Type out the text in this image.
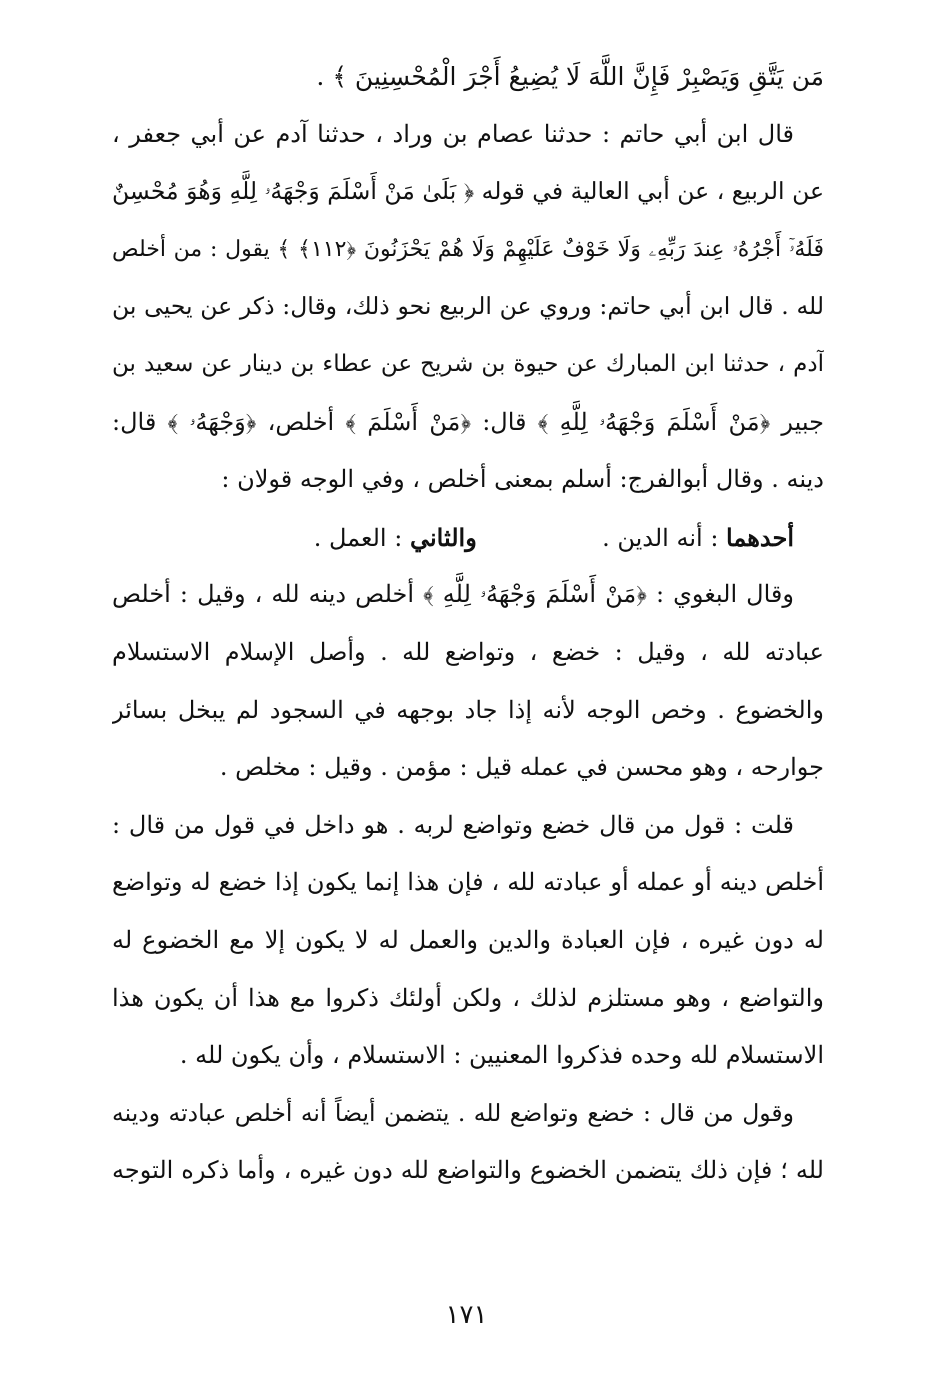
مَن يَتَّقِ وَيَصْبِرْ فَإِنَّ اللَّهَ لَا يُضِيعُ أَجْرَ الْمُحْسِنِينَ ﴾ .
قال ابن أبي حاتم : حدثنا عصام بن وراد ، حدثنا آدم عن أبي جعفر ،
عن الربيع ، عن أبي العالية في قوله ﴿ بَلَىٰ مَنْ أَسْلَمَ وَجْهَهُۥ لِلَّهِ وَهُوَ مُحْسِنٌ
فَلَهُۥٓ أَجْرُهُۥ عِندَ رَبِّهِۦ وَلَا خَوْفٌ عَلَيْهِمْ وَلَا هُمْ يَحْزَنُونَ ﴿١١٢﴾ ﴾ يقول : من أخلص
لله . قال ابن أبي حاتم: وروي عن الربيع نحو ذلك، وقال: ذكر عن يحيى بن
آدم ، حدثنا ابن المبارك عن حيوة بن شريح عن عطاء بن دينار عن سعيد بن
جبير ﴿مَنْ أَسْلَمَ وَجْهَهُۥ لِلَّهِ ﴾ قال: ﴿مَنْ أَسْلَمَ ﴾ أخلص، ﴿وَجْهَهُۥ ﴾ قال:
دينه . وقال أبوالفرج: أسلم بمعنى أخلص ، وفي الوجه قولان :
أحدهما : أنه الدين .  والثاني : العمل .
وقال البغوي : ﴿مَنْ أَسْلَمَ وَجْهَهُۥ لِلَّهِ ﴾ أخلص دينه لله ، وقيل : أخلص
عبادته لله ، وقيل : خضع ، وتواضع لله . وأصل الإسلام الاستسلام
والخضوع . وخص الوجه لأنه إذا جاد بوجهه في السجود لم يبخل بسائر
جوارحه ، وهو محسن في عمله قيل : مؤمن . وقيل : مخلص .
قلت : قول من قال خضع وتواضع لربه . هو داخل في قول من قال :
أخلص دينه أو عمله أو عبادته لله ، فإن هذا إنما يكون إذا خضع له وتواضع
له دون غيره ، فإن العبادة والدين والعمل له لا يكون إلا مع الخضوع له
والتواضع ، وهو مستلزم لذلك ، ولكن أولئك ذكروا مع هذا أن يكون هذا
الاستسلام لله وحده فذكروا المعنيين : الاستسلام ، وأن يكون لله .
وقول من قال : خضع وتواضع لله . يتضمن أيضاً أنه أخلص عبادته ودينه
لله ؛ فإن ذلك يتضمن الخضوع والتواضع لله دون غيره ، وأما ذكره التوجه
١٧١
